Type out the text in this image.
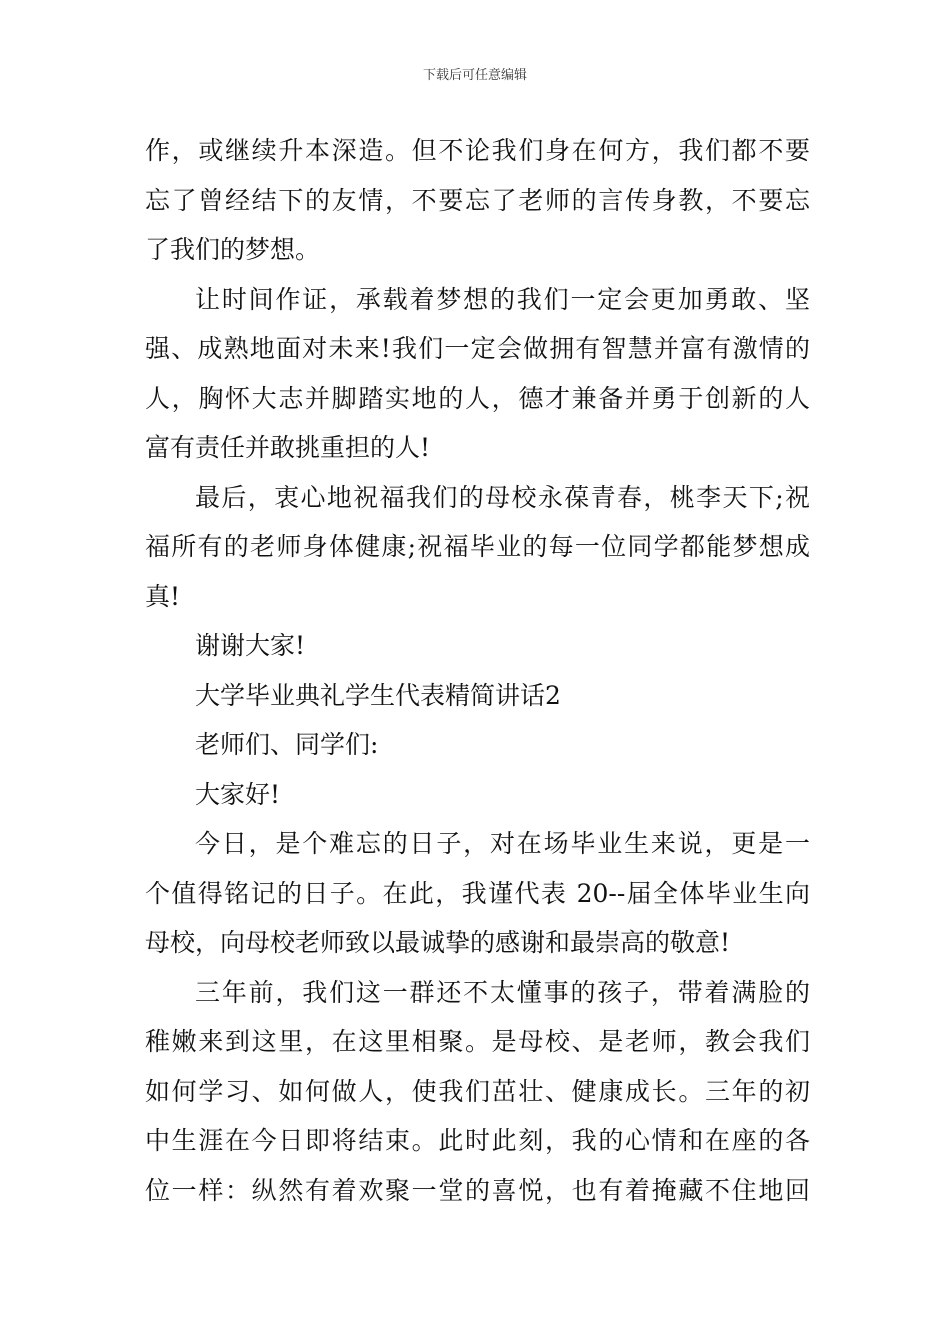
下载后可任意编辑
作，或继续升本深造。但不论我们身在何方，我们都不要
忘了曾经结下的友情，不要忘了老师的言传身教，不要忘
了我们的梦想。
让时间作证，承载着梦想的我们一定会更加勇敢、坚
强、成熟地面对未来!我们一定会做拥有智慧并富有激情的
人，胸怀大志并脚踏实地的人，德才兼备并勇于创新的人
富有责任并敢挑重担的人!
最后，衷心地祝福我们的母校永葆青春，桃李天下;祝
福所有的老师身体健康;祝福毕业的每一位同学都能梦想成
真!
谢谢大家!
大学毕业典礼学生代表精简讲话2
老师们、同学们:
大家好!
今日，是个难忘的日子，对在场毕业生来说，更是一
个值得铭记的日子。在此，我谨代表 20--届全体毕业生向
母校，向母校老师致以最诚挚的感谢和最崇高的敬意!
三年前，我们这一群还不太懂事的孩子，带着满脸的
稚嫩来到这里，在这里相聚。是母校、是老师，教会我们
如何学习、如何做人，使我们茁壮、健康成长。三年的初
中生涯在今日即将结束。此时此刻，我的心情和在座的各
位一样：纵然有着欢聚一堂的喜悦，也有着掩藏不住地回
